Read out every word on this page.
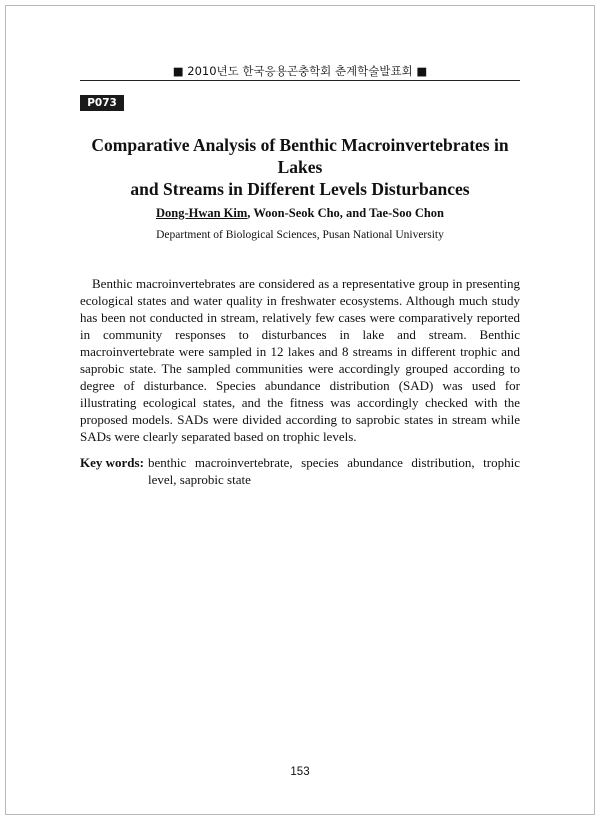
■ 2010년도 한국응용곤충학회 춘계학술발표회 ■
P073
Comparative Analysis of Benthic Macroinvertebrates in Lakes
and Streams in Different Levels Disturbances
Dong-Hwan Kim, Woon-Seok Cho, and Tae-Soo Chon
Department of Biological Sciences, Pusan National University

Benthic macroinvertebrates are considered as a representative group in presenting ecological states and water quality in freshwater ecosystems. Although much study has been not conducted in stream, relatively few cases were comparatively reported in community responses to disturbances in lake and stream. Benthic macroinvertebrate were sampled in 12 lakes and 8 streams in different trophic and saprobic state. The sampled communities were accordingly grouped according to degree of disturbance. Species abundance distribution (SAD) was used for illustrating ecological states, and the fitness was accordingly checked with the proposed models. SADs were divided according to saprobic states in stream while SADs were clearly separated based on trophic levels.

Key words: benthic macroinvertebrate, species abundance distribution, trophic level, saprobic state
153
